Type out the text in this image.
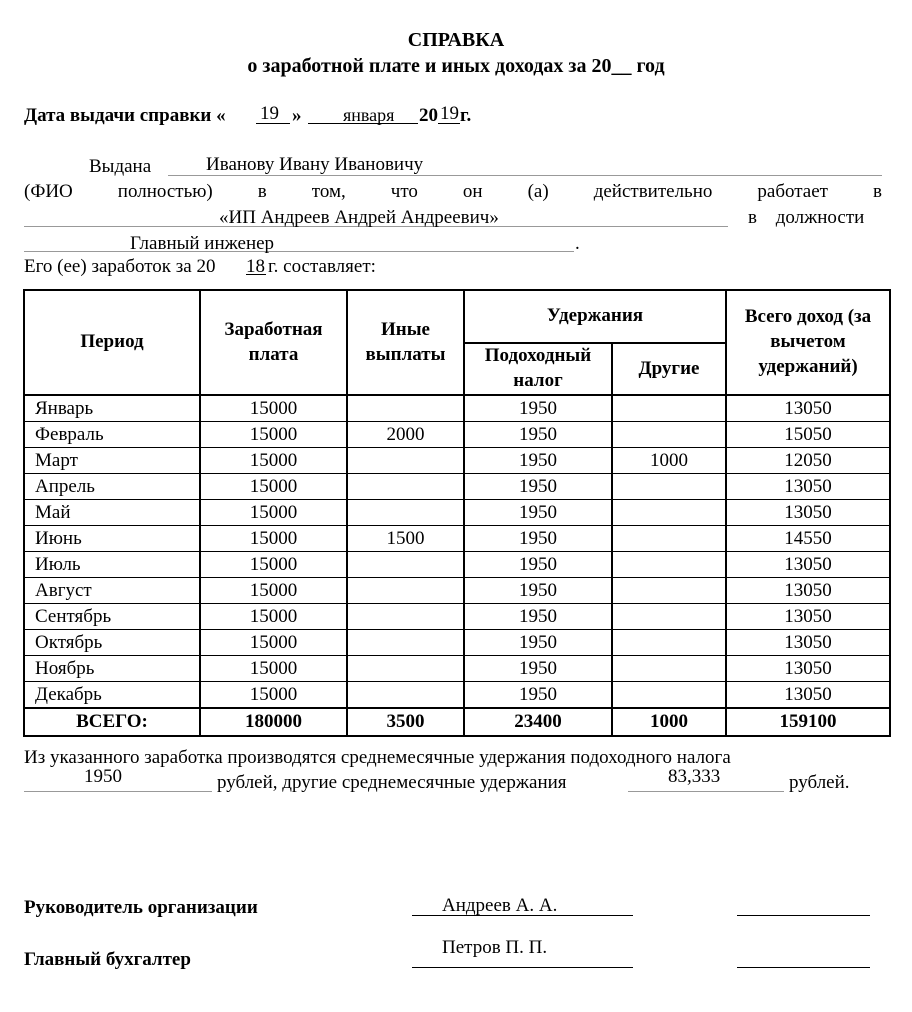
СПРАВКА
о заработной плате и иных доходах за 20__ год
Дата выдачи справки « 19 » января 20 19 г.
Выдана	Иванову Ивану Ивановичу
(ФИО полностью) в том, что он (а) действительно работает в
«ИП Андреев Андрей Андреевич»	в должности
Главный инженер	.
Его (ее) заработок за 20 18 г. составляет:
Период	Заработная плата	Иные выплаты	Удержания		Всего доход (за вычетом удержаний)
			Подоходный налог	Другие	
Январь	15000		1950		13050
Февраль	15000	2000	1950		15050
Март	15000		1950	1000	12050
Апрель	15000		1950		13050
Май	15000		1950		13050
Июнь	15000	1500	1950		14550
Июль	15000		1950		13050
Август	15000		1950		13050
Сентябрь	15000		1950		13050
Октябрь	15000		1950		13050
Ноябрь	15000		1950		13050
Декабрь	15000		1950		13050
ВСЕГО:	180000	3500	23400	1000	159100
Из указанного заработка производятся среднемесячные удержания подоходного налога
1950	рублей, другие среднемесячные удержания	83,333	рублей.
Руководитель организации	Андреев А. А.
Главный бухгалтер
Петров П. П.
